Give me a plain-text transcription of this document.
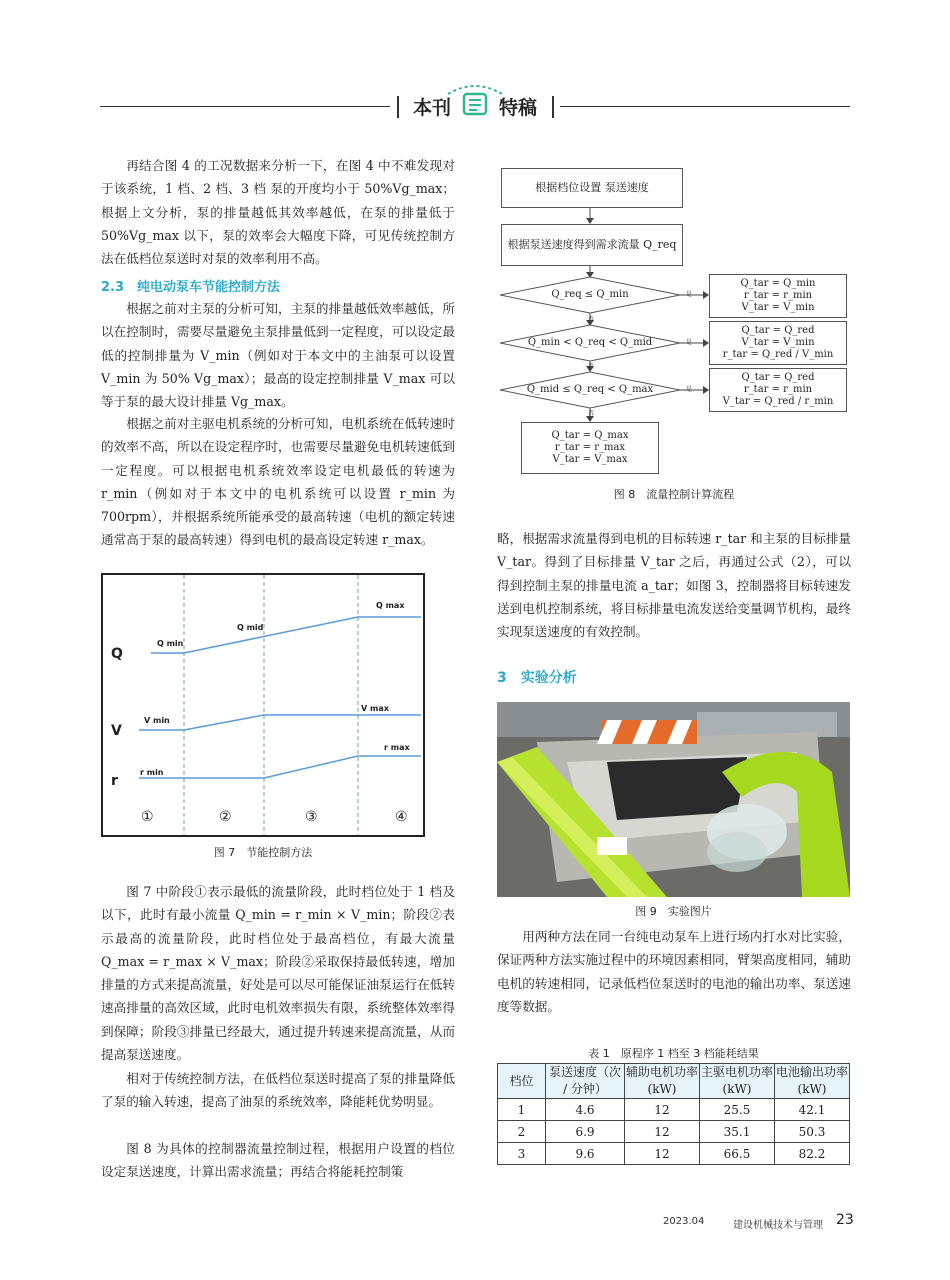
本刊	特稿

再结合图 4 的工况数据来分析一下，在图 4 中不难发现对于该系统，1 档、2 档、3 档 泵的开度均小于 50%Vg_max；根据上文分析，泵的排量越低其效率越低，在泵的排量低于 50%Vg_max 以下，泵的效率会大幅度下降，可见传统控制方法在低档位泵送时对泵的效率利用不高。

2.3　纯电动泵车节能控制方法

根据之前对主泵的分析可知，主泵的排量越低效率越低，所以在控制时，需要尽量避免主泵排量低到一定程度，可以设定最低的控制排量为 V_min（例如对于本文中的主油泵可以设置 V_min 为 50% Vg_max）；最高的设定控制排量 V_max 可以等于泵的最大设计排量 Vg_max。

根据之前对主驱电机系统的分析可知，电机系统在低转速时的效率不高，所以在设定程序时，也需要尽量避免电机转速低到一定程度。可以根据电机系统效率设定电机最低的转速为 r_min（例如对于本文中的电机系统可以设置 r_min 为 700rpm），并根据系统所能承受的最高转速（电机的额定转速通常高于泵的最高转速）得到电机的最高设定转速 r_max。

Q
V
r
Q min
Q mid
Q max
V min
V max
r min
r max
①	②	③	④
图 7　节能控制方法

图 7 中阶段①表示最低的流量阶段，此时档位处于 1 档及以下，此时有最小流量 Q_min = r_min × V_min；阶段②表示最高的流量阶段，此时档位处于最高档位，有最大流量 Q_max = r_max × V_max；阶段②采取保持最低转速，增加排量的方式来提高流量，好处是可以尽可能保证油泵运行在低转速高排量的高效区域，此时电机效率损失有限，系统整体效率得到保障；阶段③排量已经最大，通过提升转速来提高流量，从而提高泵送速度。

相对于传统控制方法，在低档位泵送时提高了泵的排量降低了泵的输入转速，提高了油泵的系统效率，降能耗优势明显。

图 8 为具体的控制器流量控制过程，根据用户设置的档位设定泵送速度，计算出需求流量；再结合将能耗控制策

根据档位设置 泵送速度
根据泵送速度得到需求流量 Q_req
Q_req ≤ Q_min
Q_min < Q_req < Q_mid
Q_mid ≤ Q_req < Q_max
是
是
是
否
否
否
Q_tar = Q_min
r_tar = r_min
V_tar = V_min
Q_tar = Q_red
V_tar = V_min
r_tar = Q_red / V_min
Q_tar = Q_red
r_tar = r_min
V_tar = Q_red / r_min
Q_tar = Q_max
r_tar = r_max
V_tar = V_max
图 8　流量控制计算流程

略，根据需求流量得到电机的目标转速 r_tar 和主泵的目标排量 V_tar。得到了目标排量 V_tar 之后，再通过公式（2），可以得到控制主泵的排量电流 a_tar；如图 3，控制器将目标转速发送到电机控制系统，将目标排量电流发送给变量调节机构，最终实现泵送速度的有效控制。

3　实验分析
图 9　实验图片

用两种方法在同一台纯电动泵车上进行场内打水对比实验，保证两种方法实施过程中的环境因素相同，臂架高度相同，辅助电机的转速相同，记录低档位泵送时的电池的输出功率、泵送速度等数据。

表 1　原程序 1 档至 3 档能耗结果
档位	泵送速度（次 / 分钟）	辅助电机功率(kW)	主驱电机功率(kW)	电池输出功率(kW)
1	4.6	12	25.5	42.1
2	6.9	12	35.1	50.3
3	9.6	12	66.5	82.2
2023.04	建设机械技术与管理 23
